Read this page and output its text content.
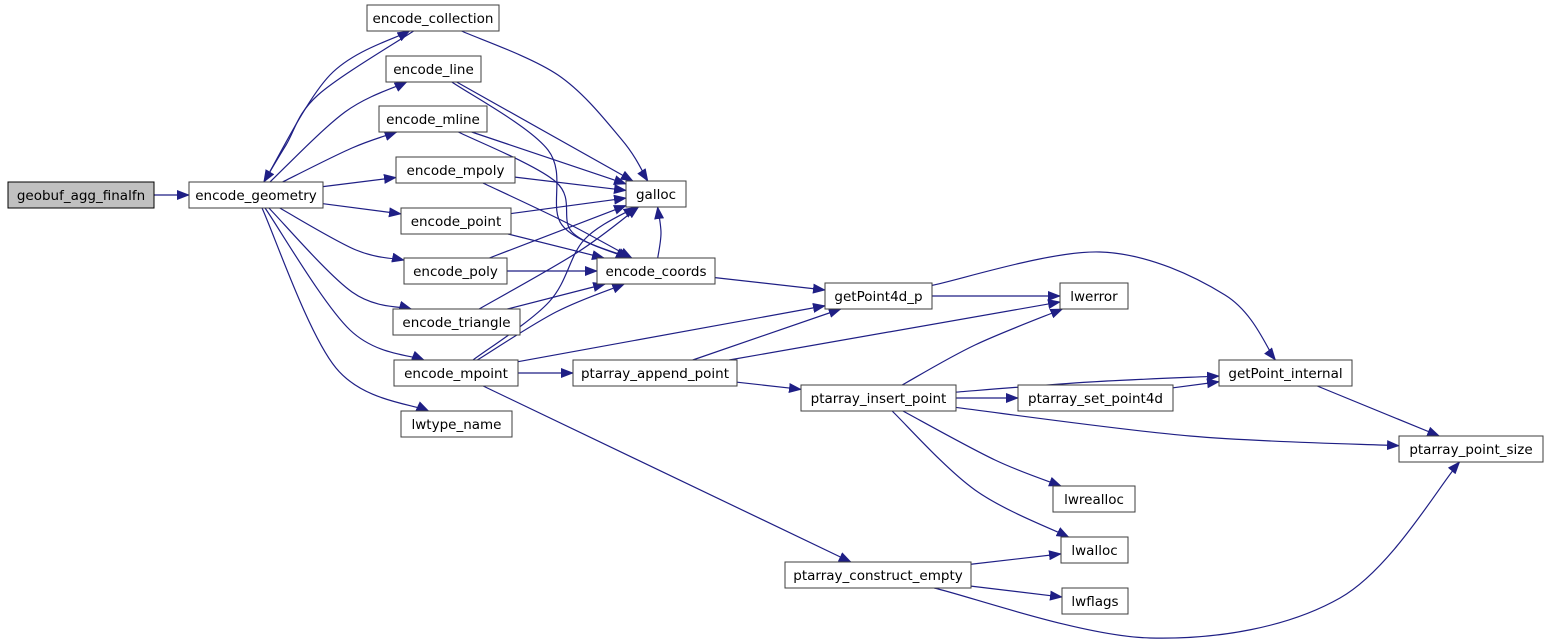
geobuf_agg_finalfn	encode_geometry
encode_collection
encode_line
encode_mline
encode_mpoly
encode_point
encode_poly
encode_triangle
encode_mpoint
lwtype_name
galloc
encode_coords
getPoint4d_p	lwerror
ptarray_append_point
ptarray_insert_point	ptarray_set_point4d
getPoint_internal
ptarray_point_size
lwrealloc
lwalloc
lwflags
ptarray_construct_empty
